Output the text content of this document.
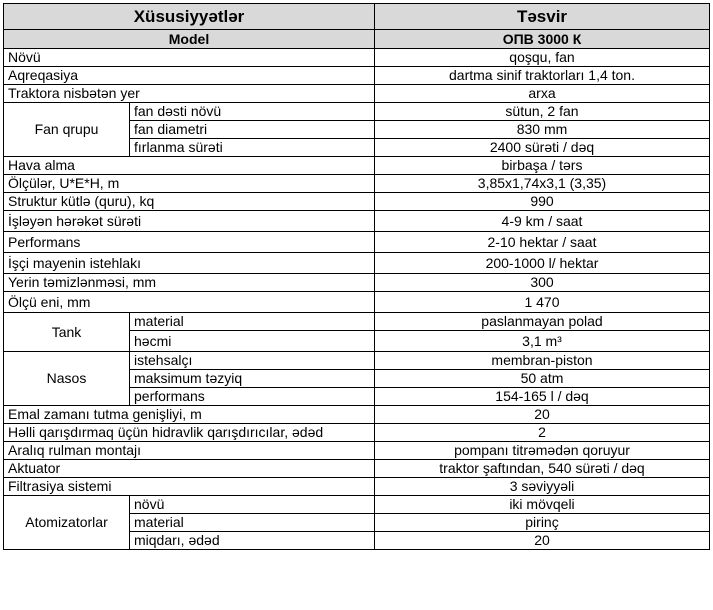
Xüsusiyyətlər		Təsvir
Model		ОПВ 3000 К
Növü		qoşqu, fan
Aqreqasiya		dartma sinif traktorları 1,4 ton.
Traktora nisbətən yer		arxa
Fan qrupu	fan dəsti növü	sütun, 2 fan
	fan diametri	830 mm
	fırlanma sürəti	2400 sürəti / dəq
Hava alma		birbaşa / tərs
Ölçülər, U*E*H, m		3,85x1,74x3,1 (3,35)
Struktur kütlə (quru), kq		990
İşləyən hərəkət sürəti		4-9 km / saat
Performans		2-10 hektar / saat
İşçi mayenin istehlakı		200-1000 l/ hektar
Yerin təmizlənməsi, mm		300
Ölçü eni, mm		1 470
Tank	material	paslanmayan polad
	həcmi	3,1 m³
Nasos	istehsalçı	membran-piston
	maksimum təzyiq	50 atm
	performans	154-165 l / dəq
Emal zamanı tutma genişliyi, m		20
Həlli qarışdırmaq üçün hidravlik qarışdırıcılar, ədəd		2
Aralıq rulman montajı		pompanı titrəmədən qoruyur
Aktuator		traktor şaftından, 540 sürəti / dəq
Filtrasiya sistemi		3 səviyyəli
Atomizatorlar	növü	iki mövqeli
	material	pirinç
	miqdarı, ədəd	20
